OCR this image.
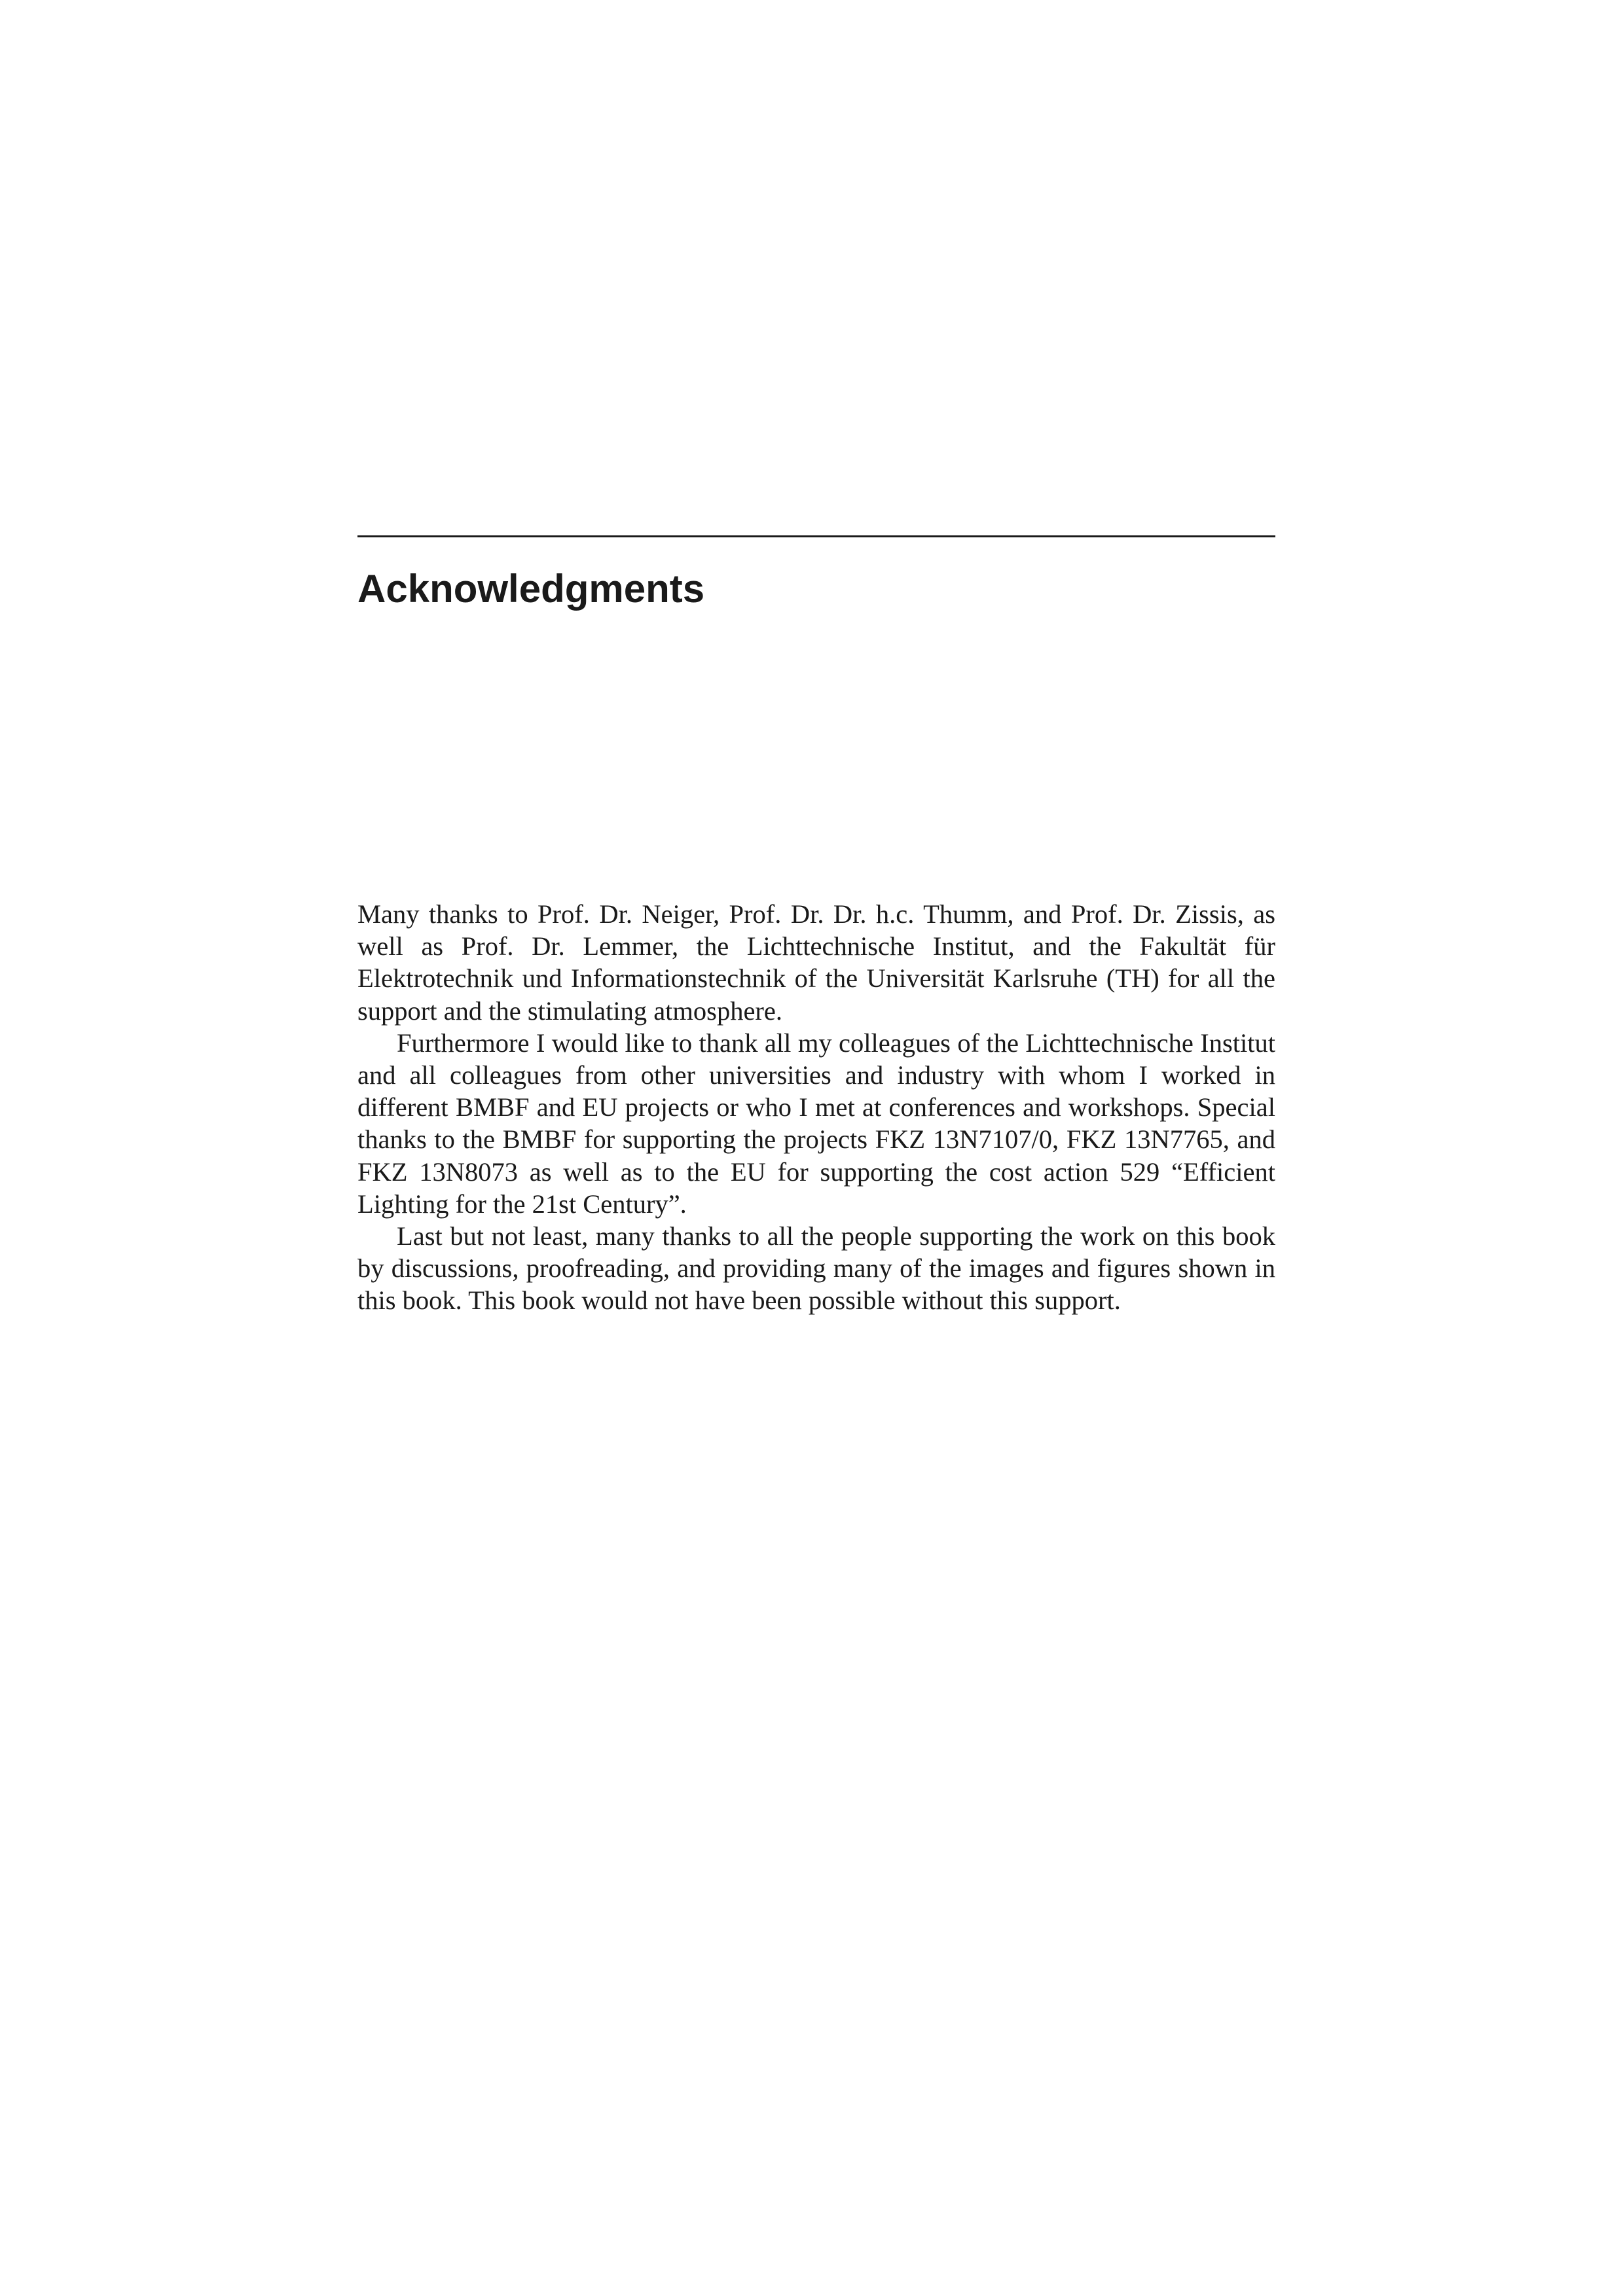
Acknowledgments

Many thanks to Prof. Dr. Neiger, Prof. Dr. Dr. h.c. Thumm, and Prof. Dr. Zissis, as well as Prof. Dr. Lemmer, the Lichttechnische Institut, and the Fakultät für Elektrotechnik und Informationstechnik of the Universität Karlsruhe (TH) for all the support and the stimulating atmosphere.

Furthermore I would like to thank all my colleagues of the Lichttechnische Institut and all colleagues from other universities and industry with whom I worked in different BMBF and EU projects or who I met at conferences and workshops. Special thanks to the BMBF for supporting the projects FKZ 13N7107/0, FKZ 13N7765, and FKZ 13N8073 as well as to the EU for supporting the cost action 529 “Efficient Lighting for the 21st Century”.

Last but not least, many thanks to all the people supporting the work on this book by discussions, proofreading, and providing many of the images and figures shown in this book. This book would not have been possible without this support.
